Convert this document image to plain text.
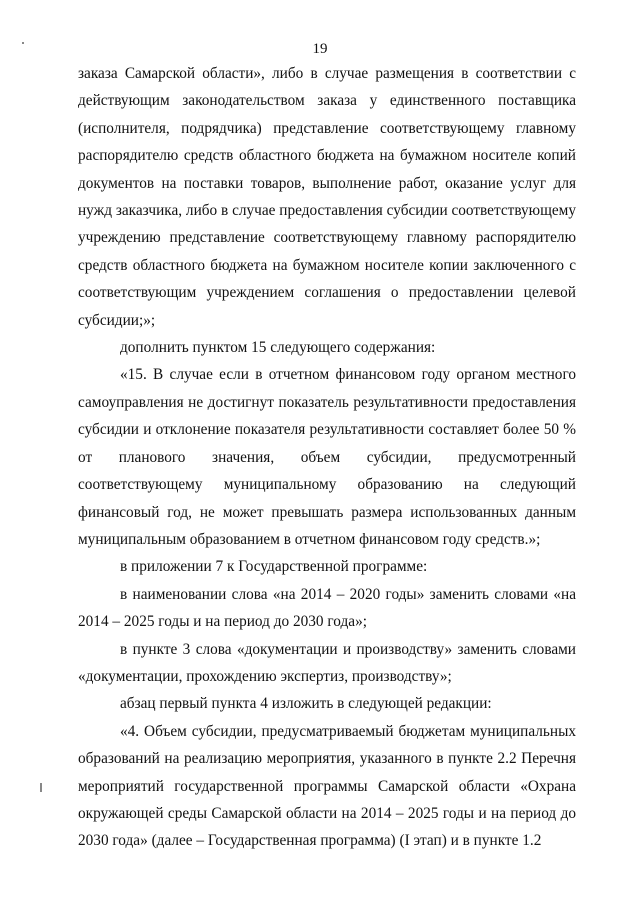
19

заказа Самарской области», либо в случае размещения в соответствии с действующим законодательством заказа у единственного поставщика (исполнителя, подрядчика) представление соответствующему главному распорядителю средств областного бюджета на бумажном носителе копий документов на поставки товаров, выполнение работ, оказание услуг для нужд заказчика, либо в случае предоставления субсидии соответствующему учреждению представление соответствующему главному распорядителю средств областного бюджета на бумажном носителе копии заключенного с соответствующим учреждением соглашения о предоставлении целевой субсидии;»;

дополнить пунктом 15 следующего содержания:

«15. В случае если в отчетном финансовом году органом местного самоуправления не достигнут показатель результативности предоставления субсидии и отклонение показателя результативности составляет более 50 % от планового значения, объем субсидии, предусмотренный соответствующему муниципальному образованию на следующий финансовый год, не может превышать размера использованных данным муниципальным образованием в отчетном финансовом году средств.»;

в приложении 7 к Государственной программе:

в наименовании слова «на 2014 – 2020 годы» заменить словами «на 2014 – 2025 годы и на период до 2030 года»;

в пункте 3 слова «документации и производству» заменить словами «документации, прохождению экспертиз, производству»;

абзац первый пункта 4 изложить в следующей редакции:

«4. Объем субсидии, предусматриваемый бюджетам муниципальных образований на реализацию мероприятия, указанного в пункте 2.2 Перечня мероприятий государственной программы Самарской области «Охрана окружающей среды Самарской области на 2014 – 2025 годы и на период до 2030 года» (далее – Государственная программа) (I этап) и в пункте 1.2
